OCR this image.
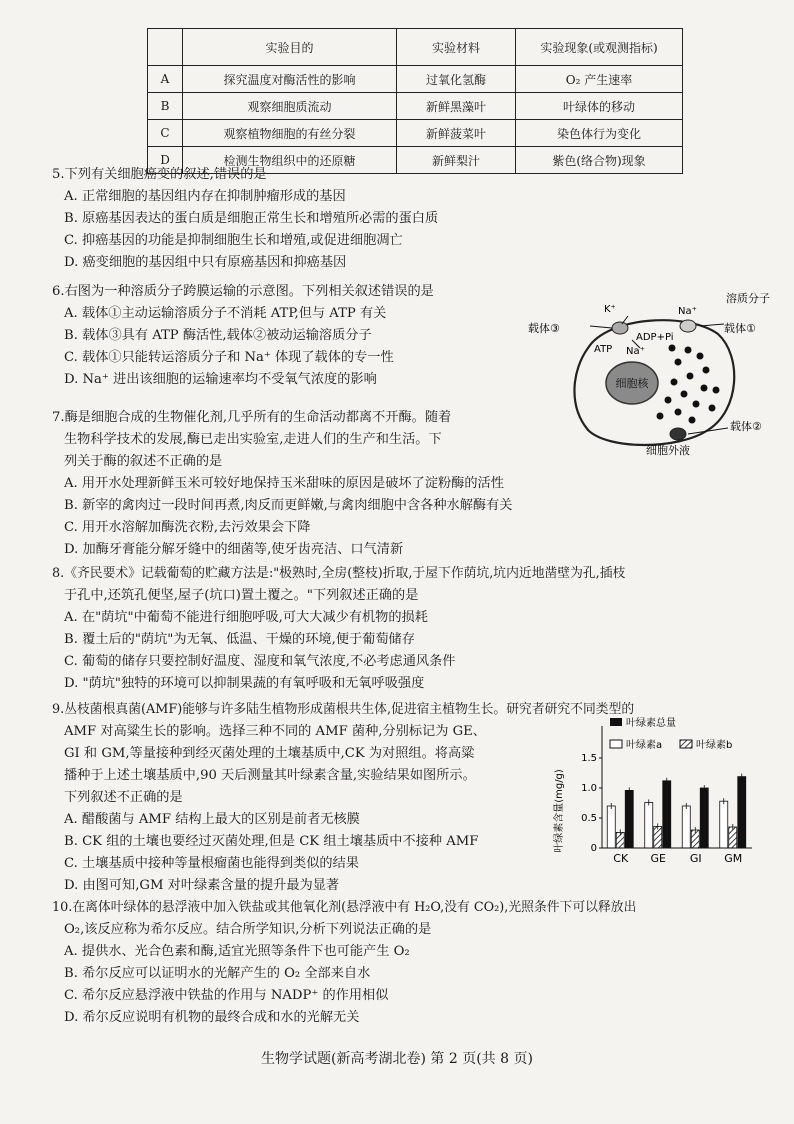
	实验目的	实验材料	实验现象(或观测指标)
A	探究温度对酶活性的影响	过氧化氢酶	O₂ 产生速率
B	观察细胞质流动	新鲜黑藻叶	叶绿体的移动
C	观察植物细胞的有丝分裂	新鲜菠菜叶	染色体行为变化
D	检测生物组织中的还原糖	新鲜梨汁	紫色(络合物)现象
5.下列有关细胞癌变的叙述,错误的是
A. 正常细胞的基因组内存在抑制肿瘤形成的基因
B. 原癌基因表达的蛋白质是细胞正常生长和增殖所必需的蛋白质
C. 抑癌基因的功能是抑制细胞生长和增殖,或促进细胞凋亡
D. 癌变细胞的基因组中只有原癌基因和抑癌基因
6.右图为一种溶质分子跨膜运输的示意图。下列相关叙述错误的是
A. 载体①主动运输溶质分子不消耗 ATP,但与 ATP 有关
B. 载体③具有 ATP 酶活性,载体②被动运输溶质分子
C. 载体①只能转运溶质分子和 Na⁺ 体现了载体的专一性
D. Na⁺ 进出该细胞的运输速率均不受氧气浓度的影响	细胞核
K⁺	Na⁺
Na⁺
溶质分子
载体①
载体③
ADP+Pi
ATP
载体②
细胞外液
7.酶是细胞合成的生物催化剂,几乎所有的生命活动都离不开酶。随着
生物科学技术的发展,酶已走出实验室,走进人们的生产和生活。下
列关于酶的叙述不正确的是
A. 用开水处理新鲜玉米可较好地保持玉米甜味的原因是破坏了淀粉酶的活性
B. 新宰的禽肉过一段时间再煮,肉反而更鲜嫩,与禽肉细胞中含各种水解酶有关
C. 用开水溶解加酶洗衣粉,去污效果会下降
D. 加酶牙膏能分解牙缝中的细菌等,使牙齿亮洁、口气清新
8.《齐民要术》记载葡萄的贮藏方法是:"极熟时,全房(整枝)折取,于屋下作荫坑,坑内近地凿壁为孔,插枝
于孔中,还筑孔便坚,屋子(坑口)置土覆之。"下列叙述正确的是
A. 在"荫坑"中葡萄不能进行细胞呼吸,可大大减少有机物的损耗
B. 覆土后的"荫坑"为无氧、低温、干燥的环境,便于葡萄储存
C. 葡萄的储存只要控制好温度、湿度和氧气浓度,不必考虑通风条件
D. "荫坑"独特的环境可以抑制果蔬的有氧呼吸和无氧呼吸强度
9.丛枝菌根真菌(AMF)能够与许多陆生植物形成菌根共生体,促进宿主植物生长。研究者研究不同类型的
AMF 对高粱生长的影响。选择三种不同的 AMF 菌种,分别标记为 GE、
GI 和 GM,等量接种到经灭菌处理的土壤基质中,CK 为对照组。将高粱
播种于上述土壤基质中,90 天后测量其叶绿素含量,实验结果如图所示。
下列叙述不正确的是
A. 醋酸菌与 AMF 结构上最大的区别是前者无核膜
B. CK 组的土壤也要经过灭菌处理,但是 CK 组土壤基质中不接种 AMF
C. 土壤基质中接种等量根瘤菌也能得到类似的结果
D. 由图可知,GM 对叶绿素含量的提升最为显著
叶绿素含量(mg/g)	0
0.5
1.0
1.5
CK GE GI GM
叶绿素总量
叶绿素a	叶绿素b
10.在离体叶绿体的悬浮液中加入铁盐或其他氧化剂(悬浮液中有 H₂O,没有 CO₂),光照条件下可以释放出
O₂,该反应称为希尔反应。结合所学知识,分析下列说法正确的是
A. 提供水、光合色素和酶,适宜光照等条件下也可能产生 O₂
B. 希尔反应可以证明水的光解产生的 O₂ 全部来自水
C. 希尔反应悬浮液中铁盐的作用与 NADP⁺ 的作用相似
D. 希尔反应说明有机物的最终合成和水的光解无关
生物学试题(新高考湖北卷) 第 2 页(共 8 页)
